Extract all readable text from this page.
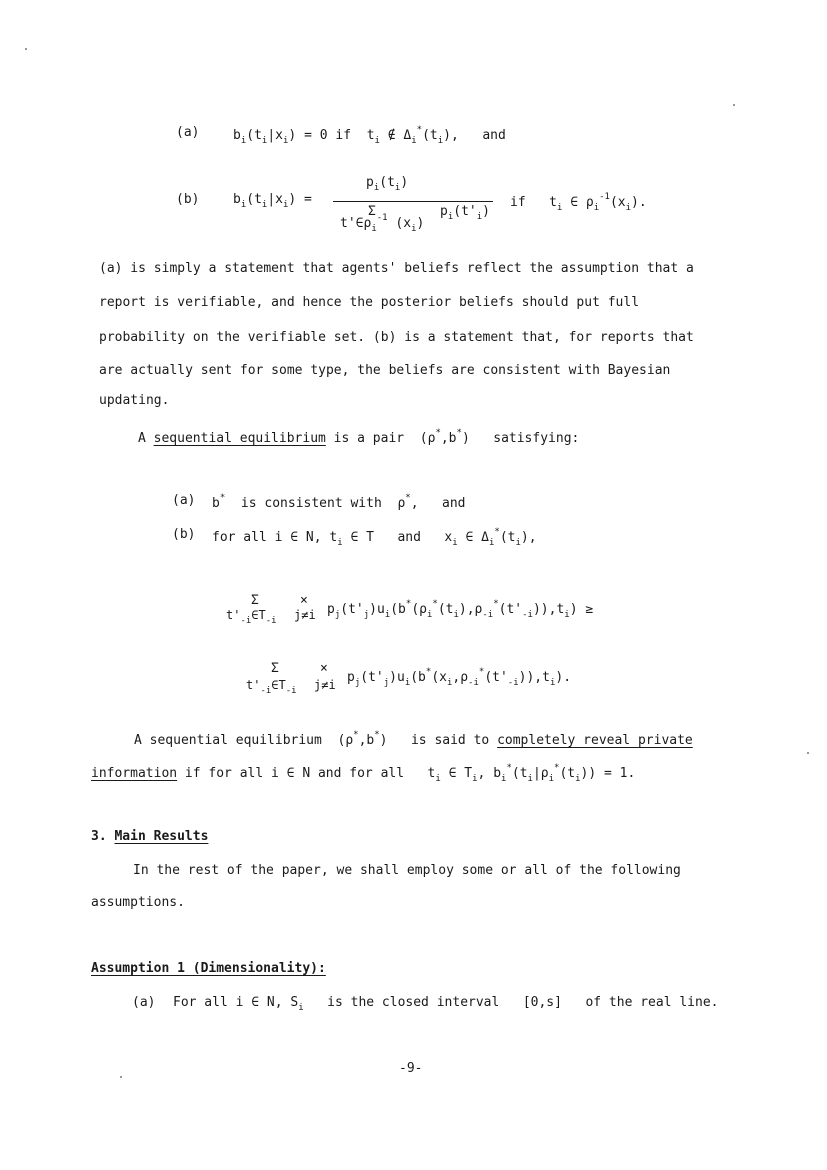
(a)	$b_i(t_i|x_i) = 0$ if $t_i$ ∉ $\Delta_i^*(t_i)$,   and
(b)	$b_i(t_i|x_i)$ =
$p_i(t_i)$
Σ
$t'\in\rho_i^{-1}$ $(x_i)$
$p_i(t'_i)$
if   $t_i$ ∈ $\rho_i^{-1}(x_i)$.
(a) is simply a statement that agents' beliefs reflect the assumption that a
report is verifiable, and hence the posterior beliefs should put full
probability on the verifiable set. (b) is a statement that, for reports that
are actually sent for some type, the beliefs are consistent with Bayesian
updating.
A sequential equilibrium is a pair  (ρ*,b*)   satisfying:
(a) b* is consistent with  ρ*,   and
(b) for all i ∈ N, $t_i$ ∈ T   and   $x_i$ ∈ $\Delta_i^*(t_i)$,
Σ
$t'_{-i}\in T_{-i}$
×
j≠i $p_j(t'_j)u_i(b^*(\rho_i^*(t_i),\rho_{-i}^*(t'_{-i})),t_i)$ ≥
Σ
$t'_{-i}\in T_{-i}$
×
j≠i $p_j(t'_j)u_i(b^*(x_i,\rho_{-i}^*(t'_{-i})),t_i)$.
A sequential equilibrium  (ρ*,b*)   is said to completely reveal private
information if for all i ∈ N and for all   $t_i$ ∈ $T_i$, $b_i^*(t_i|\rho_i^*(t_i)) = 1$.
3. Main Results
In the rest of the paper, we shall employ some or all of the following
assumptions.
Assumption 1 (Dimensionality):
(a) For all i ∈ N, $S_i$ is the closed interval [0,s] of the real line.
-9-
